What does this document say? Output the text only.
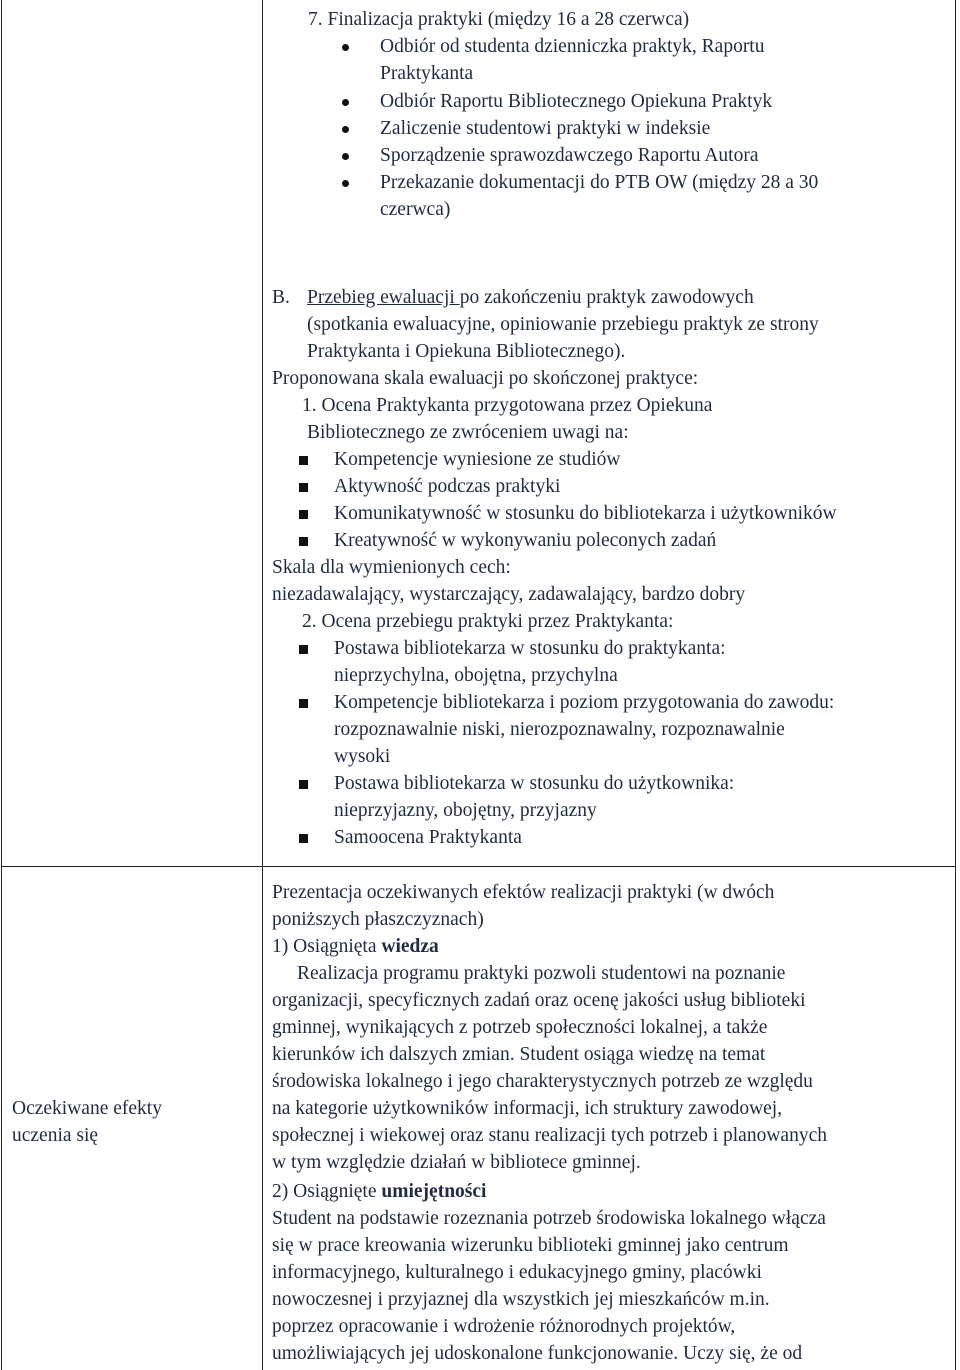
7. Finalizacja praktyki (między 16 a 28 czerwca)
Odbiór od studenta dzienniczka praktyk, Raportu
Praktykanta
Odbiór Raportu Bibliotecznego Opiekuna Praktyk
Zaliczenie studentowi praktyki w indeksie
Sporządzenie sprawozdawczego Raportu Autora
Przekazanie dokumentacji do PTB OW (między 28 a 30
czerwca)
B. Przebieg ewaluacji po zakończeniu praktyk zawodowych
(spotkania ewaluacyjne, opiniowanie przebiegu praktyk ze strony
Praktykanta i Opiekuna Bibliotecznego).
Proponowana skala ewaluacji po skończonej praktyce:
1. Ocena Praktykanta przygotowana przez Opiekuna
Bibliotecznego ze zwróceniem uwagi na:
Kompetencje wyniesione ze studiów
Aktywność podczas praktyki
Komunikatywność w stosunku do bibliotekarza i użytkowników
Kreatywność w wykonywaniu poleconych zadań
Skala dla wymienionych cech:
niezadawalający, wystarczający, zadawalający, bardzo dobry
2. Ocena przebiegu praktyki przez Praktykanta:
Postawa bibliotekarza w stosunku do praktykanta:
nieprzychylna, obojętna, przychylna
Kompetencje bibliotekarza i poziom przygotowania do zawodu:
rozpoznawalnie niski, nierozpoznawalny, rozpoznawalnie
wysoki
Postawa bibliotekarza w stosunku do użytkownika:
nieprzyjazny, obojętny, przyjazny
Samoocena Praktykanta
Oczekiwane efekty
uczenia się
Prezentacja oczekiwanych efektów realizacji praktyki (w dwóch
poniższych płaszczyznach)
1) Osiągnięta wiedza
Realizacja programu praktyki pozwoli studentowi na poznanie
organizacji, specyficznych zadań oraz ocenę jakości usług biblioteki
gminnej, wynikających z potrzeb społeczności lokalnej, a także
kierunków ich dalszych zmian. Student osiąga wiedzę na temat
środowiska lokalnego i jego charakterystycznych potrzeb ze względu
na kategorie użytkowników informacji, ich struktury zawodowej,
społecznej i wiekowej oraz stanu realizacji tych potrzeb i planowanych
w tym względzie działań w bibliotece gminnej.
2) Osiągnięte umiejętności
Student na podstawie rozeznania potrzeb środowiska lokalnego włącza
się w prace kreowania wizerunku biblioteki gminnej jako centrum
informacyjnego, kulturalnego i edukacyjnego gminy, placówki
nowoczesnej i przyjaznej dla wszystkich jej mieszkańców m.in.
poprzez opracowanie i wdrożenie różnorodnych projektów,
umożliwiających jej udoskonalone funkcjonowanie. Uczy się, że od
